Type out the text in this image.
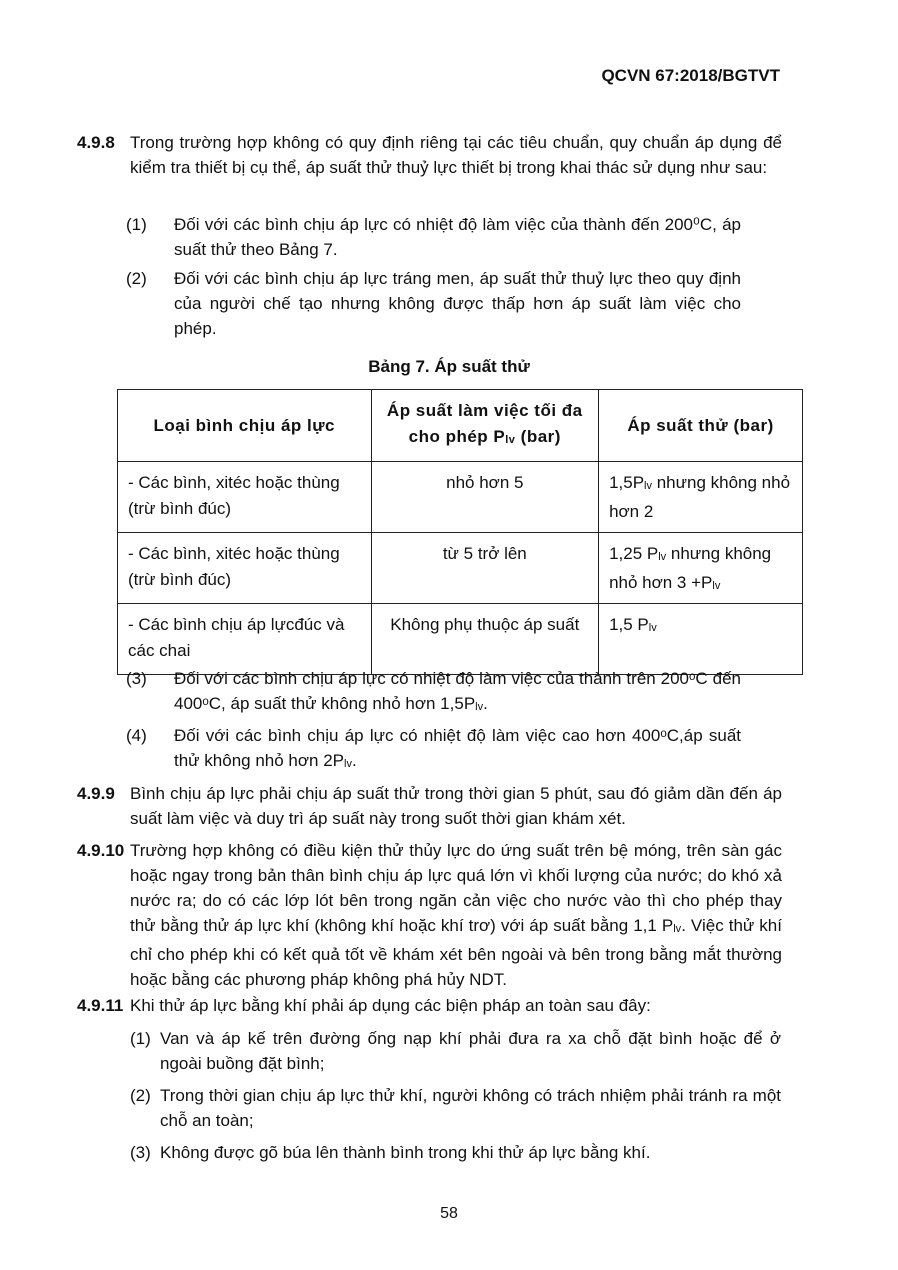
QCVN 67:2018/BGTVT
4.9.8 Trong trường hợp không có quy định riêng tại các tiêu chuẩn, quy chuẩn áp dụng để kiểm tra thiết bị cụ thể, áp suất thử thuỷ lực thiết bị trong khai thác sử dụng như sau:
(1) Đối với các bình chịu áp lực có nhiệt độ làm việc của thành đến 200⁰C, áp suất thử theo Bảng 7.
(2) Đối với các bình chịu áp lực tráng men, áp suất thử thuỷ lực theo quy định của người chế tạo nhưng không được thấp hơn áp suất làm việc cho phép.
Bảng 7. Áp suất thử
Loại bình chịu áp lực	Áp suất làm việc tối đa cho phép $P_{lv}$ (bar)	Áp suất thử (bar)
- Các bình, xitéc hoặc thùng (trừ bình đúc)	nhỏ hơn 5	$1,5P_{lv}$ nhưng không nhỏ hơn 2
- Các bình, xitéc hoặc thùng (trừ bình đúc)	từ 5 trở lên	1,25 $P_{lv}$ nhưng không nhỏ hơn $3 +P_{lv}$
- Các bình chịu áp lựcđúc và các chai	Không phụ thuộc áp suất	1,5 $P_{lv}$
(3) Đối với các bình chịu áp lực có nhiệt độ làm việc của thành trên 200ᵒC đến 400ᵒC, áp suất thử không nhỏ hơn $1,5P_{lv}$.
(4) Đối với các bình chịu áp lực có nhiệt độ làm việc cao hơn 400ᵒC,áp suất thử không nhỏ hơn $2P_{lv}$.
4.9.9 Bình chịu áp lực phải chịu áp suất thử trong thời gian 5 phút, sau đó giảm dần đến áp suất làm việc và duy trì áp suất này trong suốt thời gian khám xét.
4.9.10 Trường hợp không có điều kiện thử thủy lực do ứng suất trên bệ móng, trên sàn gác hoặc ngay trong bản thân bình chịu áp lực quá lớn vì khối lượng của nước; do khó xả nước ra; do có các lớp lót bên trong ngăn cản việc cho nước vào thì cho phép thay thử bằng thử áp lực khí (không khí hoặc khí trơ) với áp suất bằng 1,1 $P_{lv}$. Việc thử khí chỉ cho phép khi có kết quả tốt về khám xét bên ngoài và bên trong bằng mắt thường hoặc bằng các phương pháp không phá hủy NDT.
4.9.11 Khi thử áp lực bằng khí phải áp dụng các biện pháp an toàn sau đây:
(1) Van và áp kế trên đường ống nạp khí phải đưa ra xa chỗ đặt bình hoặc để ở ngoài buồng đặt bình;
(2) Trong thời gian chịu áp lực thử khí, người không có trách nhiệm phải tránh ra một chỗ an toàn;
(3) Không được gõ búa lên thành bình trong khi thử áp lực bằng khí.
58
